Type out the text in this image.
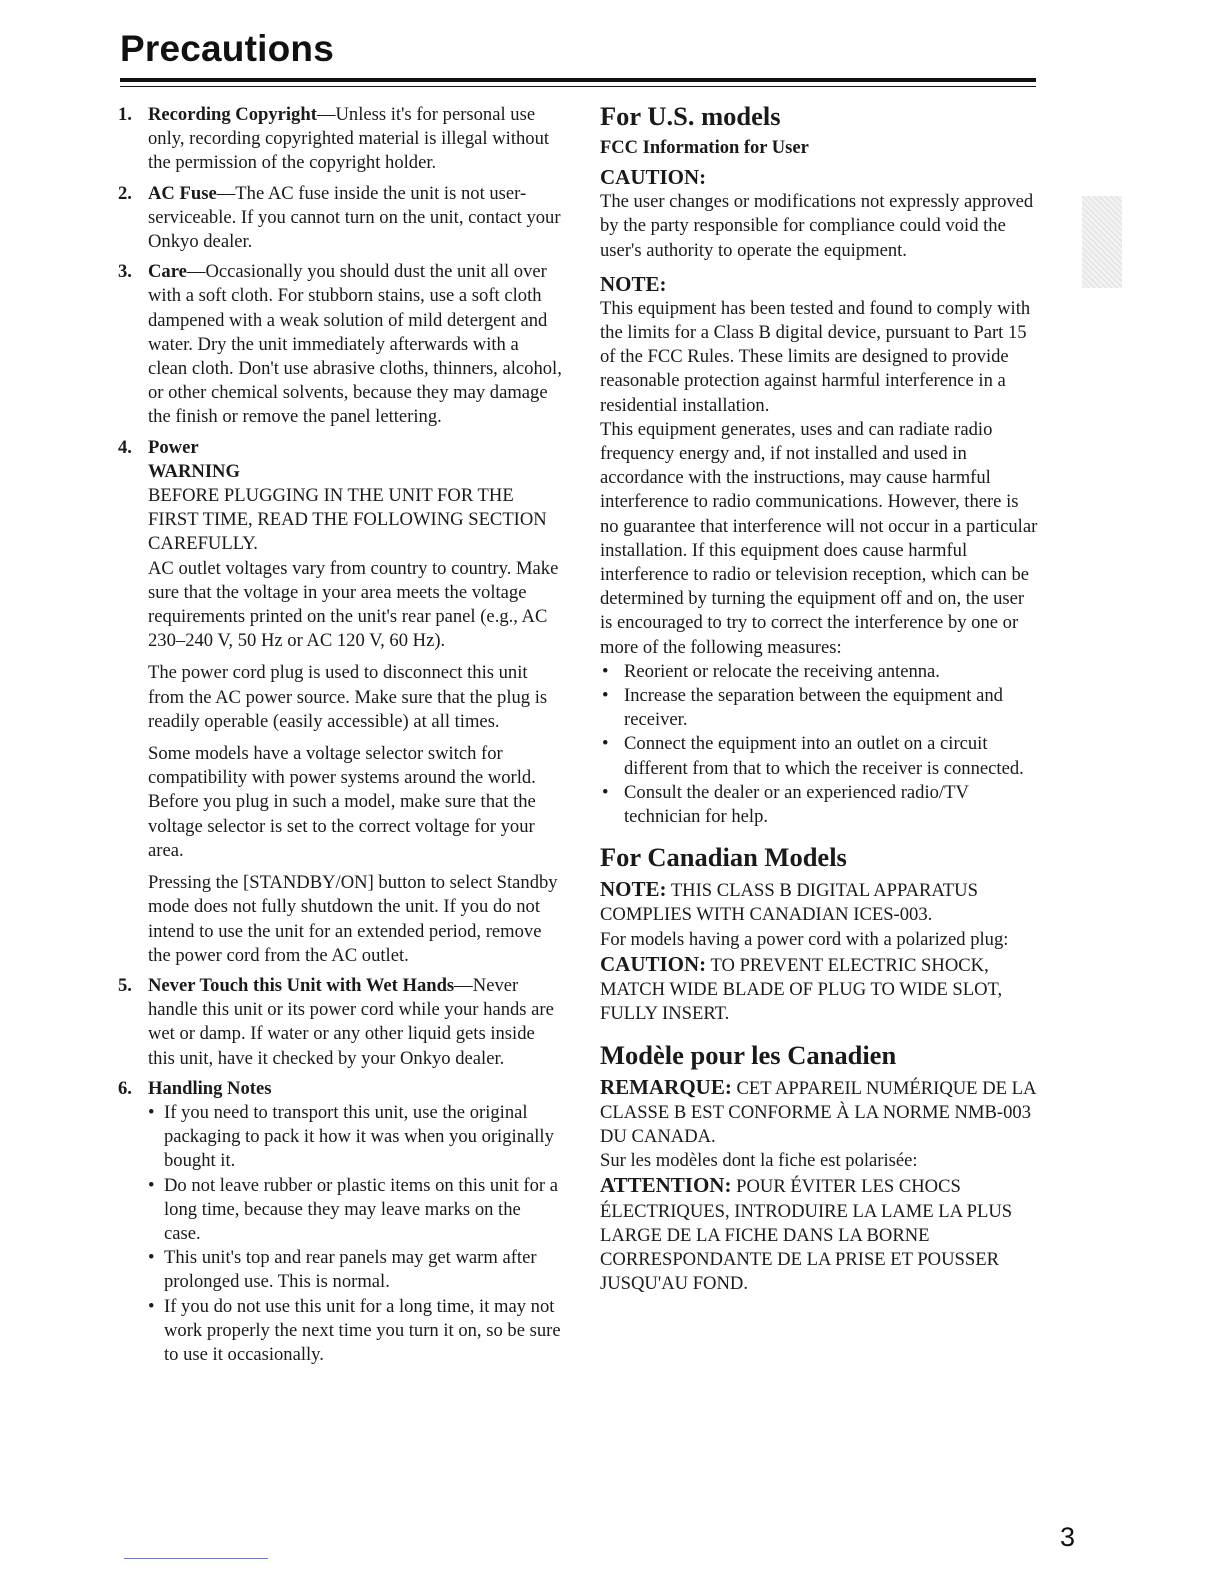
Precautions
1. Recording Copyright—Unless it's for personal use only, recording copyrighted material is illegal without the permission of the copyright holder.
2. AC Fuse—The AC fuse inside the unit is not user-serviceable. If you cannot turn on the unit, contact your Onkyo dealer.
3. Care—Occasionally you should dust the unit all over with a soft cloth. For stubborn stains, use a soft cloth dampened with a weak solution of mild detergent and water. Dry the unit immediately afterwards with a clean cloth. Don't use abrasive cloths, thinners, alcohol, or other chemical solvents, because they may damage the finish or remove the panel lettering.
4. Power
WARNING
BEFORE PLUGGING IN THE UNIT FOR THE FIRST TIME, READ THE FOLLOWING SECTION CAREFULLY.
AC outlet voltages vary from country to country. Make sure that the voltage in your area meets the voltage requirements printed on the unit's rear panel (e.g., AC 230–240 V, 50 Hz or AC 120 V, 60 Hz).
The power cord plug is used to disconnect this unit from the AC power source. Make sure that the plug is readily operable (easily accessible) at all times.
Some models have a voltage selector switch for compatibility with power systems around the world. Before you plug in such a model, make sure that the voltage selector is set to the correct voltage for your area.
Pressing the [STANDBY/ON] button to select Standby mode does not fully shutdown the unit. If you do not intend to use the unit for an extended period, remove the power cord from the AC outlet.
5. Never Touch this Unit with Wet Hands—Never handle this unit or its power cord while your hands are wet or damp. If water or any other liquid gets inside this unit, have it checked by your Onkyo dealer.
6. Handling Notes
• If you need to transport this unit, use the original packaging to pack it how it was when you originally bought it.
• Do not leave rubber or plastic items on this unit for a long time, because they may leave marks on the case.
• This unit's top and rear panels may get warm after prolonged use. This is normal.
• If you do not use this unit for a long time, it may not work properly the next time you turn it on, so be sure to use it occasionally.
For U.S. models
FCC Information for User
CAUTION:
The user changes or modifications not expressly approved by the party responsible for compliance could void the user's authority to operate the equipment.
NOTE:
This equipment has been tested and found to comply with the limits for a Class B digital device, pursuant to Part 15 of the FCC Rules. These limits are designed to provide reasonable protection against harmful interference in a residential installation.
This equipment generates, uses and can radiate radio frequency energy and, if not installed and used in accordance with the instructions, may cause harmful interference to radio communications. However, there is no guarantee that interference will not occur in a particular installation. If this equipment does cause harmful interference to radio or television reception, which can be determined by turning the equipment off and on, the user is encouraged to try to correct the interference by one or more of the following measures:
• Reorient or relocate the receiving antenna.
• Increase the separation between the equipment and receiver.
• Connect the equipment into an outlet on a circuit different from that to which the receiver is connected.
• Consult the dealer or an experienced radio/TV technician for help.
For Canadian Models
NOTE: THIS CLASS B DIGITAL APPARATUS COMPLIES WITH CANADIAN ICES-003.
For models having a power cord with a polarized plug:
CAUTION: TO PREVENT ELECTRIC SHOCK, MATCH WIDE BLADE OF PLUG TO WIDE SLOT, FULLY INSERT.
Modèle pour les Canadien
REMARQUE: CET APPAREIL NUMÉRIQUE DE LA CLASSE B EST CONFORME À LA NORME NMB-003 DU CANADA.
Sur les modèles dont la fiche est polarisée:
ATTENTION: POUR ÉVITER LES CHOCS ÉLECTRIQUES, INTRODUIRE LA LAME LA PLUS LARGE DE LA FICHE DANS LA BORNE CORRESPONDANTE DE LA PRISE ET POUSSER JUSQU'AU FOND.
3
